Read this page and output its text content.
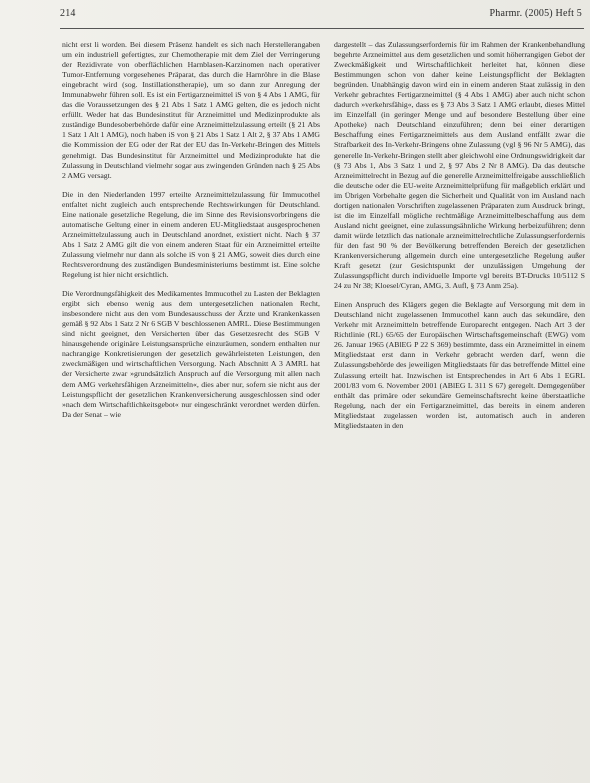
214	Pharmr. (2005) Heft 5

nicht erst li worden. Bei diesem Präsenz handelt es sich nach Herstellerangaben um ein industriell gefertigtes, zur Chemotherapie mit dem Ziel der Verringerung der Rezidivrate von oberflächlichen Harnblasen-Karzinomen nach operativer Tumor-Entfernung vorgesehenes Präparat, das durch die Harnröhre in die Blase eingebracht wird (sog. Instillationstherapie), um so dann zur Anregung der Immunabwehr führen soll. Es ist ein Fertigarzneimittel iS von § 4 Abs 1 AMG, für das die Voraussetzungen des § 21 Abs 1 Satz 1 AMG gelten, die es jedoch nicht erfüllt. Weder hat das Bundesinstitut für Arzneimittel und Medizinprodukte als zuständige Bundesoberbehörde dafür eine Arzneimittelzulassung erteilt (§ 21 Abs 1 Satz 1 Alt 1 AMG), noch haben iS von § 21 Abs 1 Satz 1 Alt 2, § 37 Abs 1 AMG die Kommission der EG oder der Rat der EU das In-Verkehr-Bringen des Mittels genehmigt. Das Bundesinstitut für Arzneimittel und Medizinprodukte hat die Zulassung in Deutschland vielmehr sogar aus zwingenden Gründen nach § 25 Abs 2 AMG versagt.

Die in den Niederlanden 1997 erteilte Arzneimittelzulassung für Immucothel entfaltet nicht zugleich auch entsprechende Rechtswirkungen für Deutschland. Eine nationale gesetzliche Regelung, die im Sinne des Revisionsvorbringens die automatische Geltung einer in einem anderen EU-Mitgliedstaat ausgesprochenen Arzneimittelzulassung auch in Deutschland anordnet, existiert nicht. Nach § 37 Abs 1 Satz 2 AMG gilt die von einem anderen Staat für ein Arzneimittel erteilte Zulassung vielmehr nur dann als solche iS von § 21 AMG, soweit dies durch eine Rechtsverordnung des zuständigen Bundesministeriums bestimmt ist. Eine solche Regelung ist hier nicht ersichtlich.

Die Verordnungsfähigkeit des Medikamentes Immucothel zu Lasten der Beklagten ergibt sich ebenso wenig aus dem untergesetzlichen nationalen Recht, insbesondere nicht aus den vom Bundesausschuss der Ärzte und Krankenkassen gemäß § 92 Abs 1 Satz 2 Nr 6 SGB V beschlossenen AMRL. Diese Bestimmungen sind nicht geeignet, den Versicherten über das Gesetzesrecht des SGB V hinausgehende originäre Leistungsansprüche einzuräumen, sondern enthalten nur nachrangige Konkretisierungen der gesetzlich gewährleisteten Leistungen, den zweckmäßigen und wirtschaftlichen Versorgung. Nach Abschnitt A 3 AMRL hat der Versicherte zwar »grundsätzlich Anspruch auf die Versorgung mit allen nach dem AMG verkehrsfähigen Arzneimitteln«, dies aber nur, sofern sie nicht aus der Leistungspflicht der gesetzlichen Krankenversicherung ausgeschlossen sind oder »nach dem Wirtschaftlichkeitsgebot« nur eingeschränkt verordnet werden dürfen. Da der Senat – wie

dargestellt – das Zulassungserfordernis für im Rahmen der Krankenbehandlung begehrte Arzneimittel aus dem gesetzlichen und somit höherrangigen Gebot der Zweckmäßigkeit und Wirtschaftlichkeit herleitet hat, können diese Bestimmungen schon von daher keine Leistungspflicht der Beklagten begründen. Unabhängig davon wird ein in einem anderen Staat zulässig in den Verkehr gebrachtes Fertigarzneimittel (§ 4 Abs 1 AMG) aber auch nicht schon dadurch »verkehrsfähig«, dass es § 73 Abs 3 Satz 1 AMG erlaubt, dieses Mittel im Einzelfall (in geringer Menge und auf besondere Bestellung über eine Apotheke) nach Deutschland einzuführen; denn bei einer derartigen Beschaffung eines Fertigarzneimittels aus dem Ausland entfällt zwar die Strafbarkeit des In-Verkehr-Bringens ohne Zulassung (vgl § 96 Nr 5 AMG), das generelle In-Verkehr-Bringen stellt aber gleichwohl eine Ordnungswidrigkeit dar (§ 73 Abs 1, Abs 3 Satz 1 und 2, § 97 Abs 2 Nr 8 AMG). Da das deutsche Arzneimittelrecht in Bezug auf die generelle Arzneimittelfreigabe ausschließlich die deutsche oder die EU-weite Arzneimittelprüfung für maßgeblich erklärt und im Übrigen Vorbehalte gegen die Sicherheit und Qualität von im Ausland nach dortigen nationalen Vorschriften zugelassenen Präparaten zum Ausdruck bringt, ist die im Einzelfall mögliche rechtmäßige Arzneimittelbeschaffung aus dem Ausland nicht geeignet, eine zulassungsähnliche Wirkung herbeizuführen; denn damit würde letztlich das nationale arzneimittelrechtliche Zulassungserfordernis für den fast 90 % der Bevölkerung betreffenden Bereich der gesetzlichen Krankenversicherung allgemein durch eine untergesetzliche Regelung außer Kraft gesetzt (zur Gesichtspunkt der unzulässigen Umgehung der Zulassungspflicht durch individuelle Importe vgl bereits BT-Drucks 10/5112 S 24 zu Nr 38; Kloesel/Cyran, AMG, 3. Aufl, § 73 Anm 25a).

Einen Anspruch des Klägers gegen die Beklagte auf Versorgung mit dem in Deutschland nicht zugelassenen Immucothel kann auch das sekundäre, den Verkehr mit Arzneimitteln betreffende Europarecht entgegen. Nach Art 3 der Richtlinie (RL) 65/65 der Europäischen Wirtschaftsgemeinschaft (EWG) vom 26. Januar 1965 (ABlEG P 22 S 369) bestimmte, dass ein Arzneimittel in einem Mitgliedstaat erst dann in Verkehr gebracht werden darf, wenn die Zulassungsbehörde des jeweiligen Mitgliedstaats für das betreffende Mittel eine Zulassung erteilt hat. Inzwischen ist Entsprechendes in Art 6 Abs 1 EGRL 2001/83 vom 6. November 2001 (ABlEG L 311 S 67) geregelt. Demgegenüber enthält das primäre oder sekundäre Gemeinschaftsrecht keine überstaatliche Regelung, nach der ein Fertigarzneimittel, das bereits in einem anderen Mitgliedstaat zugelassen worden ist, automatisch auch in anderen Mitgliedstaaten in den
